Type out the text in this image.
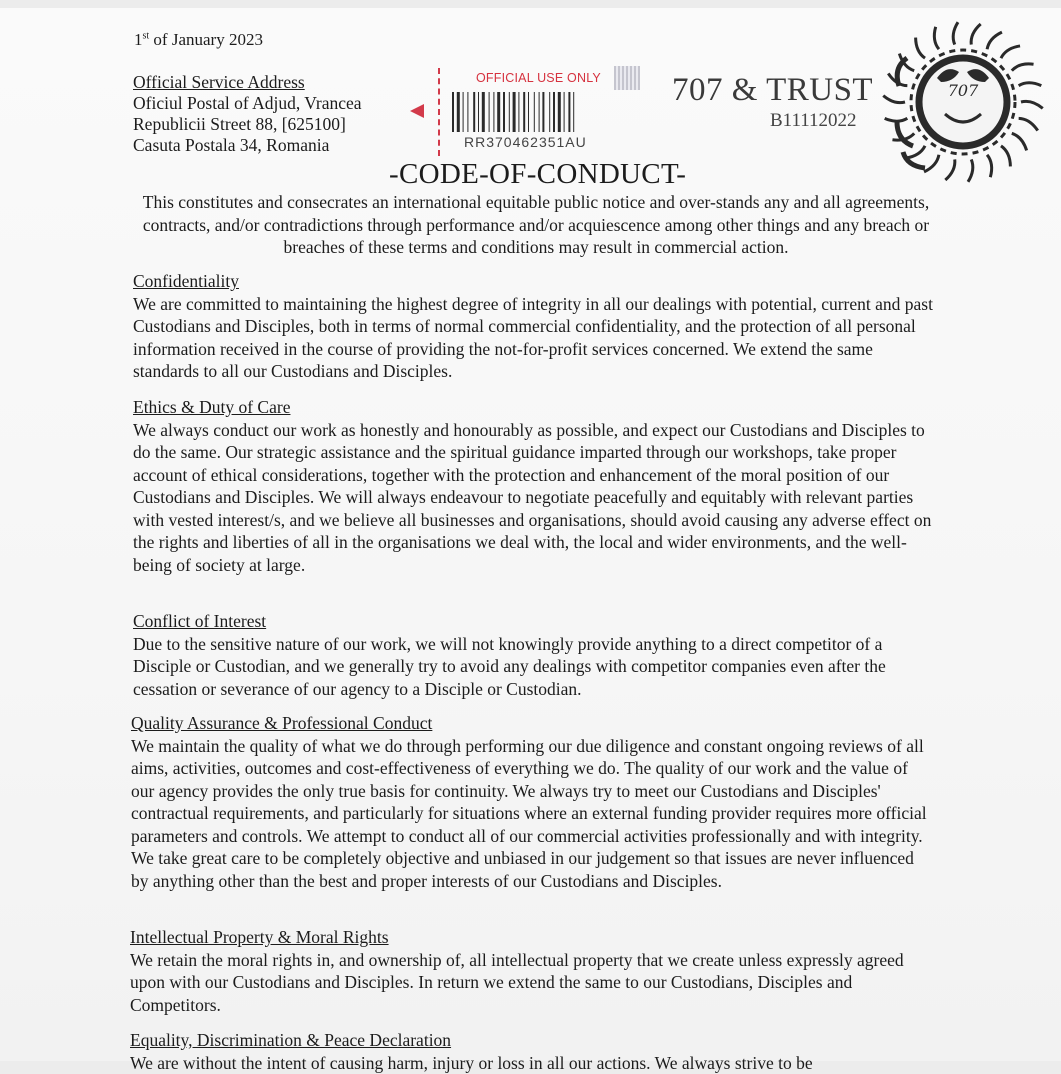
1st of January 2023
Official Service Address
Oficiul Postal of Adjud, Vrancea
Republicii Street 88, [625100]
Casuta Postala 34, Romania
OFFICIAL USE ONLY
RR370462351AU
707 & TRUST
B11112022
707
-CODE-OF-CONDUCT-
This constitutes and consecrates an international equitable public notice and over-stands any and all agreements, contracts, and/or contradictions through performance and/or acquiescence among other things and any breach or breaches of these terms and conditions may result in commercial action.
Confidentiality
We are committed to maintaining the highest degree of integrity in all our dealings with potential, current and past Custodians and Disciples, both in terms of normal commercial confidentiality, and the protection of all personal information received in the course of providing the not-for-profit services concerned. We extend the same standards to all our Custodians and Disciples.
Ethics & Duty of Care
We always conduct our work as honestly and honourably as possible, and expect our Custodians and Disciples to do the same. Our strategic assistance and the spiritual guidance imparted through our workshops, take proper account of ethical considerations, together with the protection and enhancement of the moral position of our Custodians and Disciples. We will always endeavour to negotiate peacefully and equitably with relevant parties with vested interest/s, and we believe all businesses and organisations, should avoid causing any adverse effect on the rights and liberties of all in the organisations we deal with, the local and wider environments, and the well-being of society at large.
Conflict of Interest
Due to the sensitive nature of our work, we will not knowingly provide anything to a direct competitor of a Disciple or Custodian, and we generally try to avoid any dealings with competitor companies even after the cessation or severance of our agency to a Disciple or Custodian.
Quality Assurance & Professional Conduct
We maintain the quality of what we do through performing our due diligence and constant ongoing reviews of all aims, activities, outcomes and cost-effectiveness of everything we do. The quality of our work and the value of our agency provides the only true basis for continuity. We always try to meet our Custodians and Disciples' contractual requirements, and particularly for situations where an external funding provider requires more official parameters and controls. We attempt to conduct all of our commercial activities professionally and with integrity. We take great care to be completely objective and unbiased in our judgement so that issues are never influenced by anything other than the best and proper interests of our Custodians and Disciples.
Intellectual Property & Moral Rights
We retain the moral rights in, and ownership of, all intellectual property that we create unless expressly agreed upon with our Custodians and Disciples. In return we extend the same to our Custodians, Disciples and Competitors.
Equality, Discrimination & Peace Declaration
We are without the intent of causing harm, injury or loss in all our actions. We always strive to be
